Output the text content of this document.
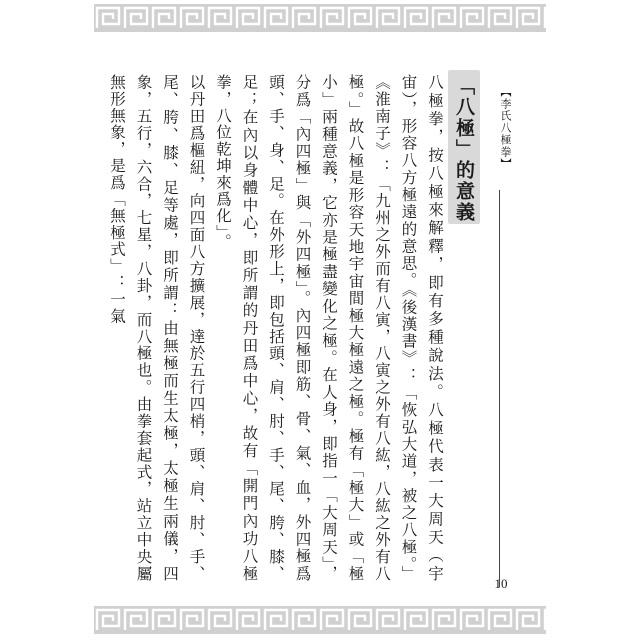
【李氏八極拳】
「八極」的意義

八極拳，按八極來解釋，即有多種說法。八極代表一大周天（宇宙），形容八方極遠的意思。《後漢書》：「恢弘大道，被之八極。」《淮南子》：「九州之外而有八寅，八寅之外有八紘，八紘之外有八極。」故八極是形容天地宇宙間極大極遠之極。極有「極大」或「極小」兩種意義，它亦是極盡變化之極。在人身，即指一「大周天」，分爲「內四極」與「外四極」。內四極即筋、骨、氣、血，外四極爲頭、手、身、足。在外形上，即包括頭、肩、肘、手、尾、胯、膝、足；在內以身體中心，即所謂的丹田爲中心，故有「開門內功八極拳，八位乾坤來爲化」。

以丹田爲樞紐，向四面八方擴展，達於五行四梢，頭、肩、肘、手、尾、胯、膝、足等處，即所謂：由無極而生太極，太極生兩儀，四象，五行，六合，七星，八卦，而八極也。由拳套起式，站立中央屬無形無象，是爲「無極式」：一氣

10
